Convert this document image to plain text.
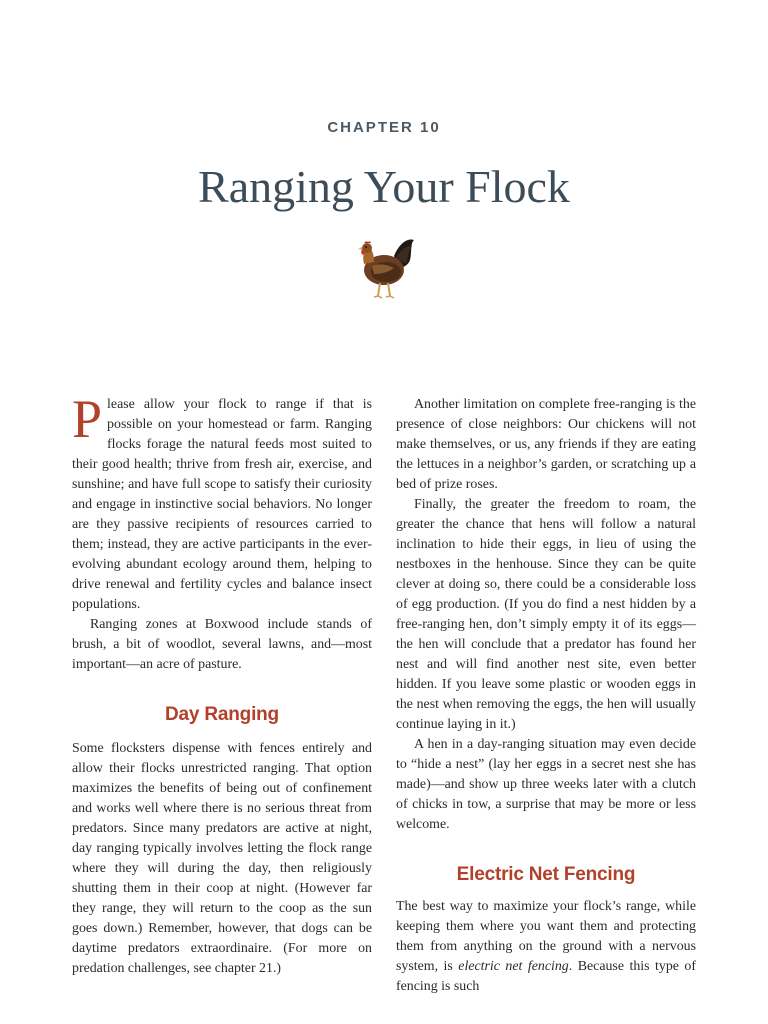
CHAPTER 10
Ranging Your Flock

Please allow your flock to range if that is possible on your homestead or farm. Ranging flocks forage the natural feeds most suited to their good health; thrive from fresh air, exercise, and sunshine; and have full scope to satisfy their curiosity and engage in instinctive social behaviors. No longer are they passive recipients of resources carried to them; instead, they are active participants in the ever-evolving abundant ecology around them, helping to drive renewal and fertility cycles and balance insect populations.

Ranging zones at Boxwood include stands of brush, a bit of woodlot, several lawns, and—most important—an acre of pasture.

Day Ranging

Some flocksters dispense with fences entirely and allow their flocks unrestricted ranging. That option maximizes the benefits of being out of confinement and works well where there is no serious threat from predators. Since many predators are active at night, day ranging typically involves letting the flock range where they will during the day, then religiously shutting them in their coop at night. (However far they range, they will return to the coop as the sun goes down.) Remember, however, that dogs can be daytime predators extraordinaire. (For more on predation challenges, see chapter 21.)

Another limitation on complete free-ranging is the presence of close neighbors: Our chickens will not make themselves, or us, any friends if they are eating the lettuces in a neighbor’s garden, or scratching up a bed of prize roses.

Finally, the greater the freedom to roam, the greater the chance that hens will follow a natural inclination to hide their eggs, in lieu of using the nestboxes in the henhouse. Since they can be quite clever at doing so, there could be a considerable loss of egg production. (If you do find a nest hidden by a free-ranging hen, don’t simply empty it of its eggs—the hen will conclude that a predator has found her nest and will find another nest site, even better hidden. If you leave some plastic or wooden eggs in the nest when removing the eggs, the hen will usually continue laying in it.)

A hen in a day-ranging situation may even decide to “hide a nest” (lay her eggs in a secret nest she has made)—and show up three weeks later with a clutch of chicks in tow, a surprise that may be more or less welcome.

Electric Net Fencing

The best way to maximize your flock’s range, while keeping them where you want them and protecting them from anything on the ground with a nervous system, is electric net fencing. Because this type of fencing is such
